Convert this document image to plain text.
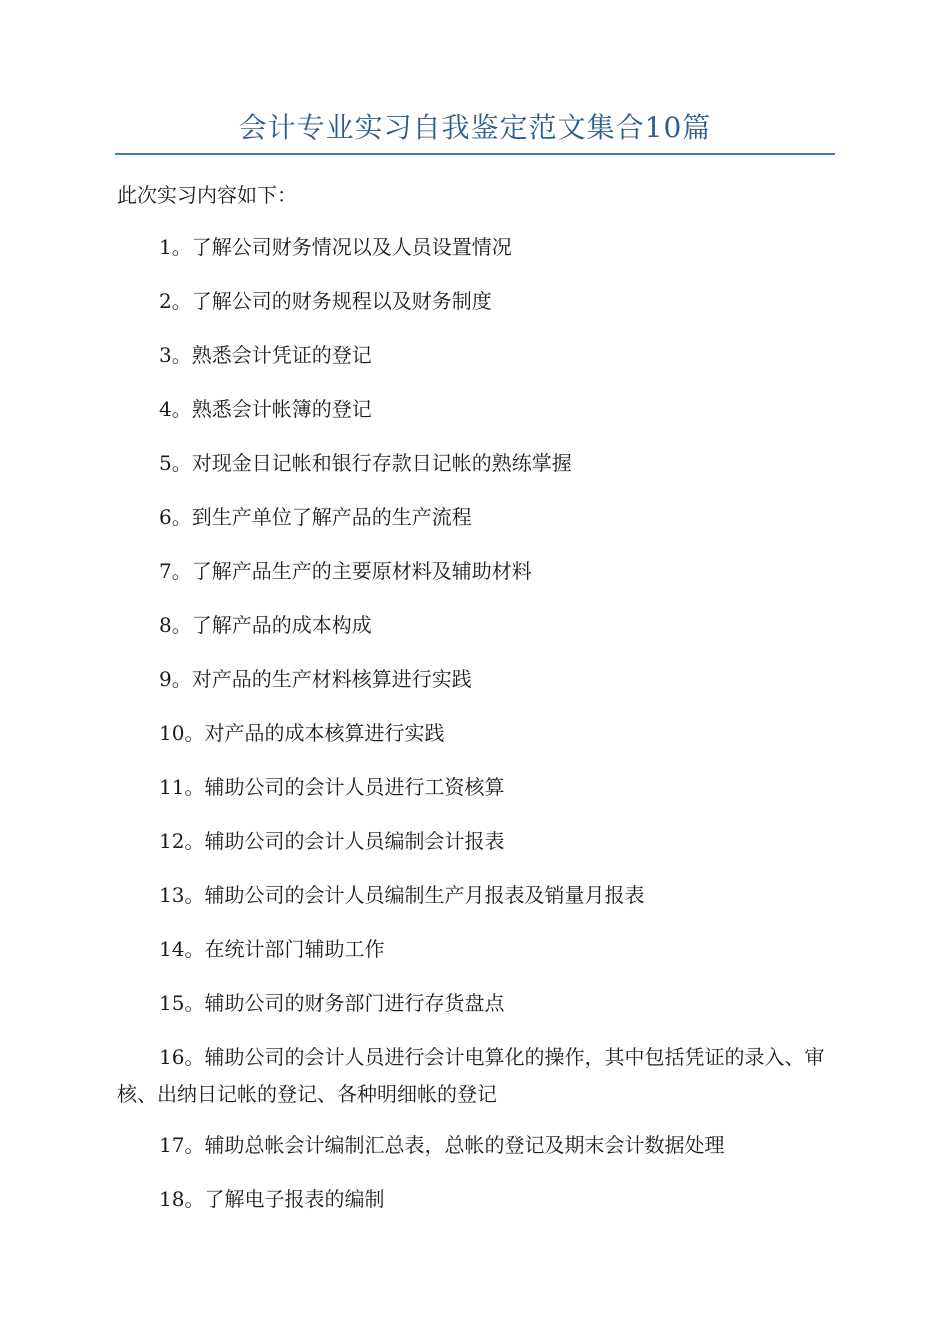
会计专业实习自我鉴定范文集合10篇

此次实习内容如下：

1。了解公司财务情况以及人员设置情况
2。了解公司的财务规程以及财务制度
3。熟悉会计凭证的登记
4。熟悉会计帐簿的登记
5。对现金日记帐和银行存款日记帐的熟练掌握
6。到生产单位了解产品的生产流程
7。了解产品生产的主要原材料及辅助材料
8。了解产品的成本构成
9。对产品的生产材料核算进行实践
10。对产品的成本核算进行实践
11。辅助公司的会计人员进行工资核算
12。辅助公司的会计人员编制会计报表
13。辅助公司的会计人员编制生产月报表及销量月报表
14。在统计部门辅助工作
15。辅助公司的财务部门进行存货盘点
16。辅助公司的会计人员进行会计电算化的操作，其中包括凭证的录入、审核、出纳日记帐的登记、各种明细帐的登记
17。辅助总帐会计编制汇总表，总帐的登记及期末会计数据处理
18。了解电子报表的编制
